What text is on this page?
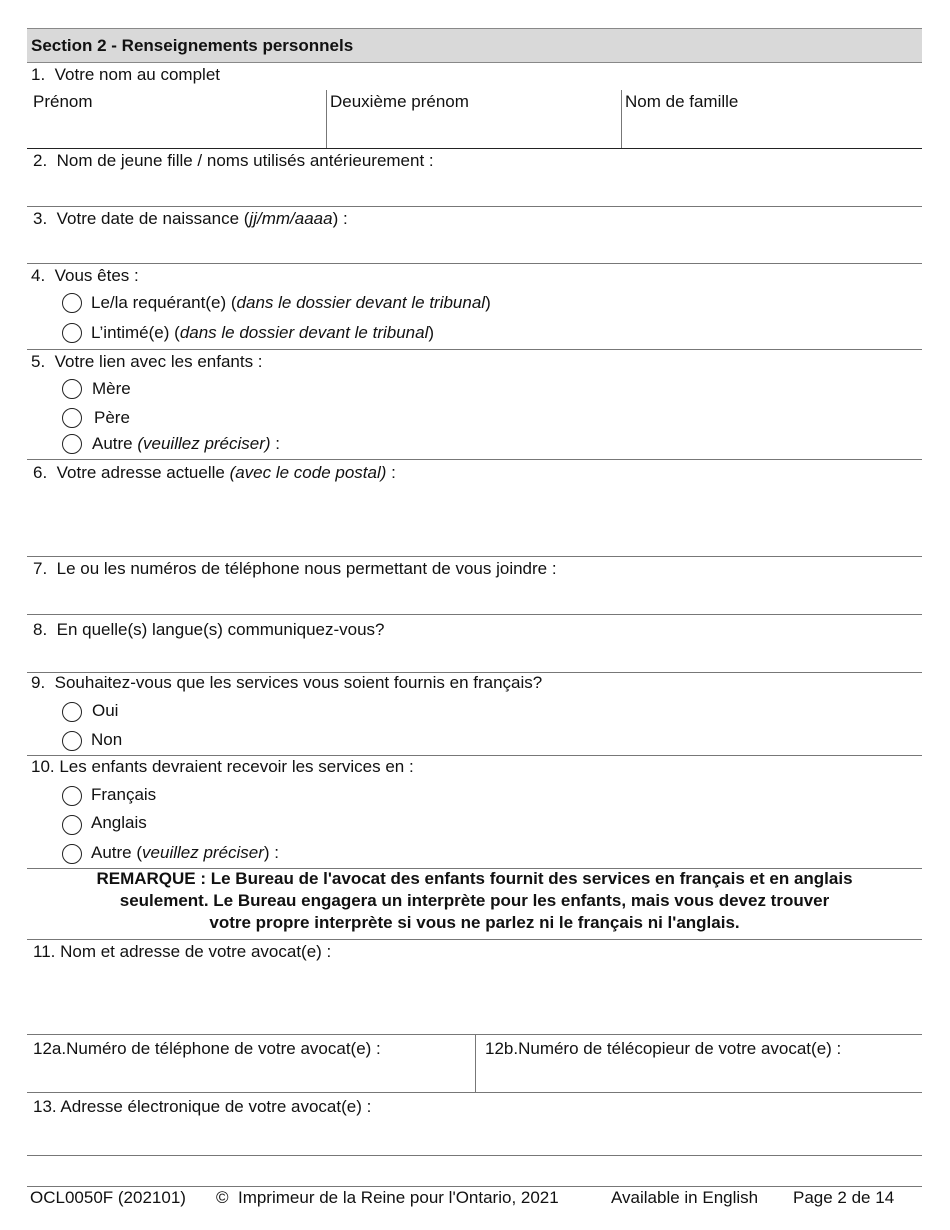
Section 2 - Renseignements personnels
1.  Votre nom au complet
Prénom	Deuxième prénom	Nom de famille
2.  Nom de jeune fille / noms utilisés antérieurement :
3.  Votre date de naissance (jj/mm/aaaa) :
4.  Vous êtes :
Le/la requérant(e) (dans le dossier devant le tribunal)
L’intimé(e) (dans le dossier devant le tribunal)
5.  Votre lien avec les enfants :
Mère
Père
Autre (veuillez préciser) :
6.  Votre adresse actuelle (avec le code postal) :
7.  Le ou les numéros de téléphone nous permettant de vous joindre :
8.  En quelle(s) langue(s) communiquez-vous?
9.  Souhaitez-vous que les services vous soient fournis en français?
Oui
Non
10. Les enfants devraient recevoir les services en :
Français
Anglais
Autre (veuillez préciser) :
REMARQUE : Le Bureau de l'avocat des enfants fournit des services en français et en anglais
seulement. Le Bureau engagera un interprète pour les enfants, mais vous devez trouver
votre propre interprète si vous ne parlez ni le français ni l'anglais.
11. Nom et adresse de votre avocat(e) :
12a.Numéro de téléphone de votre avocat(e) :	12b.Numéro de télécopieur de votre avocat(e) :
13. Adresse électronique de votre avocat(e) :
OCL0050F (202101) ©  Imprimeur de la Reine pour l'Ontario, 2021	Available in English Page 2 de 14
